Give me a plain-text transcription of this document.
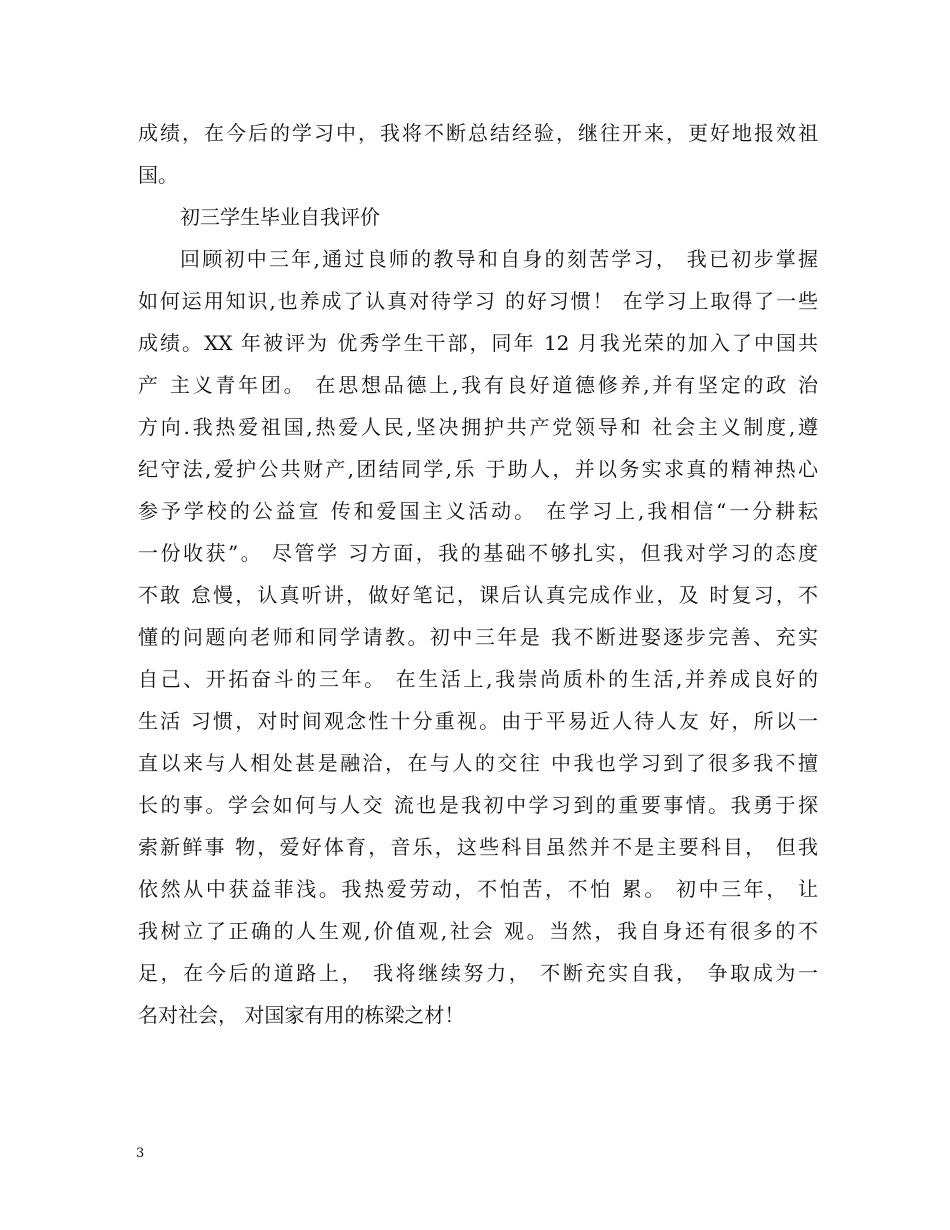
成绩，在今后的学习中，我将不断总结经验，继往开来，更好地报效祖
国。
初三学生毕业自我评价
回顾初中三年,通过良师的教导和自身的刻苦学习， 我已初步掌握
如何运用知识,也养成了认真对待学习 的好习惯！ 在学习上取得了一些
成绩。XX 年被评为 优秀学生干部，同年 12 月我光荣的加入了中国共
产 主义青年团。 在思想品德上,我有良好道德修养,并有坚定的政 治
方向.我热爱祖国,热爱人民,坚决拥护共产党领导和 社会主义制度,遵
纪守法,爱护公共财产,团结同学,乐 于助人，并以务实求真的精神热心
参予学校的公益宣 传和爱国主义活动。 在学习上,我相信“一分耕耘
一份收获”。 尽管学 习方面，我的基础不够扎实，但我对学习的态度
不敢 怠慢，认真听讲，做好笔记，课后认真完成作业，及 时复习，不
懂的问题向老师和同学请教。初中三年是 我不断进娶逐步完善、充实
自己、开拓奋斗的三年。 在生活上,我崇尚质朴的生活,并养成良好的
生活 习惯，对时间观念性十分重视。由于平易近人待人友 好，所以一
直以来与人相处甚是融洽，在与人的交往 中我也学习到了很多我不擅
长的事。学会如何与人交 流也是我初中学习到的重要事情。我勇于探
索新鲜事 物，爱好体育，音乐，这些科目虽然并不是主要科目， 但我
依然从中获益菲浅。我热爱劳动，不怕苦，不怕 累。 初中三年， 让
我树立了正确的人生观,价值观,社会 观。当然，我自身还有很多的不
足，在今后的道路上， 我将继续努力， 不断充实自我， 争取成为一
名对社会， 对国家有用的栋梁之材！
3
